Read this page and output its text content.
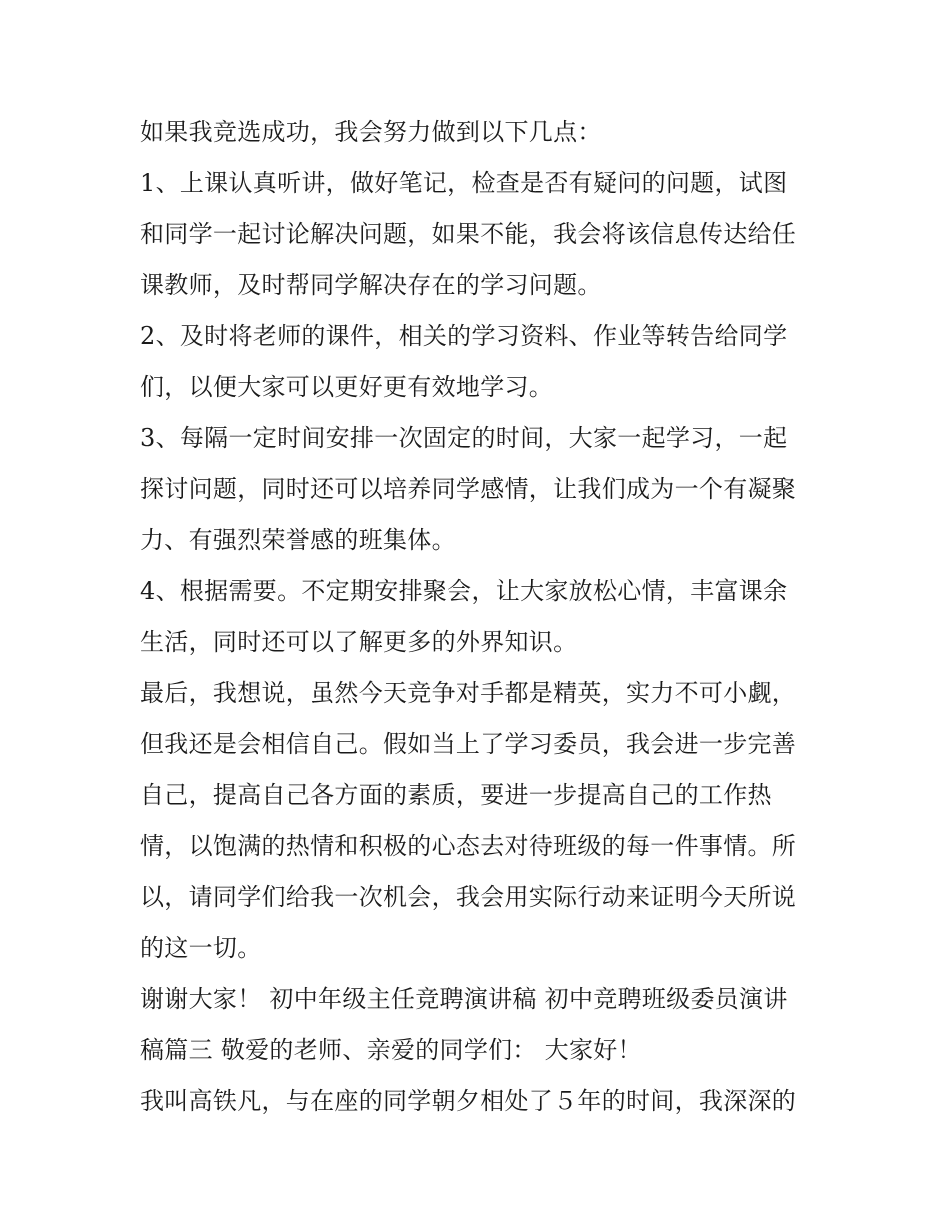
如果我竞选成功，我会努力做到以下几点：
1、上课认真听讲，做好笔记，检查是否有疑问的问题，试图
和同学一起讨论解决问题，如果不能，我会将该信息传达给任
课教师，及时帮同学解决存在的学习问题。
2、及时将老师的课件，相关的学习资料、作业等转告给同学
们，以便大家可以更好更有效地学习。
3、每隔一定时间安排一次固定的时间，大家一起学习，一起
探讨问题，同时还可以培养同学感情，让我们成为一个有凝聚
力、有强烈荣誉感的班集体。
4、根据需要。不定期安排聚会，让大家放松心情，丰富课余
生活，同时还可以了解更多的外界知识。
最后，我想说，虽然今天竞争对手都是精英，实力不可小觑，
但我还是会相信自己。假如当上了学习委员，我会进一步完善
自己，提高自己各方面的素质，要进一步提高自己的工作热
情，以饱满的热情和积极的心态去对待班级的每一件事情。所
以，请同学们给我一次机会，我会用实际行动来证明今天所说
的这一切。
谢谢大家！ 初中年级主任竞聘演讲稿 初中竞聘班级委员演讲
稿篇三 敬爱的老师、亲爱的同学们： 大家好！
我叫高铁凡，与在座的同学朝夕相处了５年的时间，我深深的
